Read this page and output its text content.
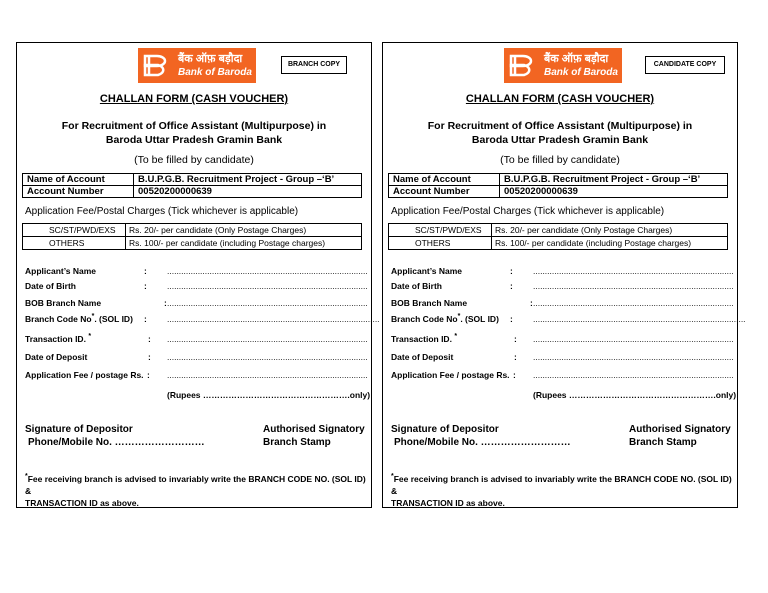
बैंक ऑफ़ बड़ौदा
Bank of Baroda
BRANCH COPY
CHALLAN FORM (CASH VOUCHER)
For Recruitment of Office Assistant (Multipurpose) in
Baroda Uttar Pradesh Gramin Bank
(To be filled by candidate)
Name of Account	B.U.P.G.B. Recruitment Project - Group –‘B’
Account Number	00520200000639
Application Fee/Postal Charges (Tick whichever is applicable)
SC/ST/PWD/EXS	Rs. 20/- per candidate (Only Postage Charges)
OTHERS	Rs. 100/- per candidate (including Postage charges)
Applicant’s Name	: .....................................................................................
Date of Birth	: .....................................................................................
BOB Branch Name	: .....................................................................................
Branch Code No*. (SOL ID) : ..........................................................................................
Transaction ID. *	: .....................................................................................
Date of Deposit	: .....................................................................................
Application Fee / postage Rs. : .....................................................................................
(Rupees …………………………………………….only)
Signature of Depositor
Phone/Mobile No. ………………………
Authorised Signatory
Branch Stamp
*Fee receiving branch is advised to invariably write the BRANCH CODE NO. (SOL ID) &
TRANSACTION ID as above.
बैंक ऑफ़ बड़ौदा
Bank of Baroda
CANDIDATE COPY
CHALLAN FORM (CASH VOUCHER)
For Recruitment of Office Assistant (Multipurpose) in
Baroda Uttar Pradesh Gramin Bank
(To be filled by candidate)
Name of Account	B.U.P.G.B. Recruitment Project - Group –‘B’
Account Number	00520200000639
Application Fee/Postal Charges (Tick whichever is applicable)
SC/ST/PWD/EXS	Rs. 20/- per candidate (Only Postage Charges)
OTHERS	Rs. 100/- per candidate (including Postage charges)
Applicant’s Name	: .....................................................................................
Date of Birth	: .....................................................................................
BOB Branch Name	: .....................................................................................
Branch Code No*. (SOL ID) : ..........................................................................................
Transaction ID. *	: .....................................................................................
Date of Deposit	: .....................................................................................
Application Fee / postage Rs. : .....................................................................................
(Rupees …………………………………………….only)
Signature of Depositor
Phone/Mobile No. ………………………
Authorised Signatory
Branch Stamp
*Fee receiving branch is advised to invariably write the BRANCH CODE NO. (SOL ID) &
TRANSACTION ID as above.
